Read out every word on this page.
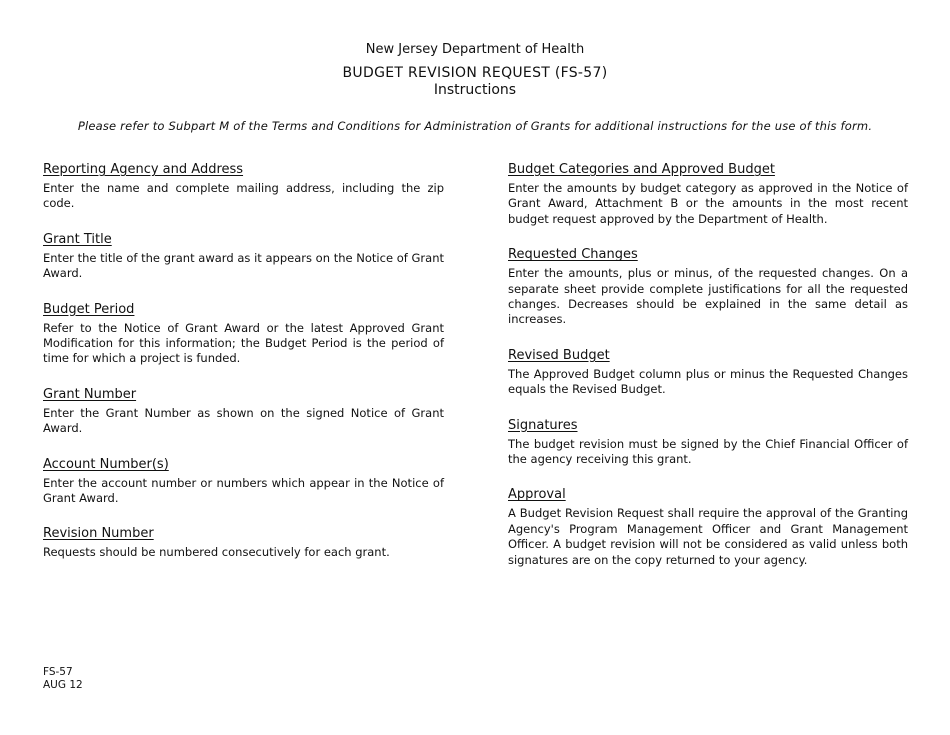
New Jersey Department of Health

BUDGET REVISION REQUEST (FS-57)

Instructions

Please refer to Subpart M of the Terms and Conditions for Administration of Grants for additional instructions for the use of this form.

Reporting Agency and Address

Enter the name and complete mailing address, including the zip code.

Grant Title

Enter the title of the grant award as it appears on the Notice of Grant Award.

Budget Period

Refer to the Notice of Grant Award or the latest Approved Grant Modification for this information; the Budget Period is the period of time for which a project is funded.

Grant Number

Enter the Grant Number as shown on the signed Notice of Grant Award.

Account Number(s)

Enter the account number or numbers which appear in the Notice of Grant Award.

Revision Number

Requests should be numbered consecutively for each grant.

Budget Categories and Approved Budget

Enter the amounts by budget category as approved in the Notice of Grant Award, Attachment B or the amounts in the most recent budget request approved by the Department of Health.

Requested Changes

Enter the amounts, plus or minus, of the requested changes. On a separate sheet provide complete justifications for all the requested changes. Decreases should be explained in the same detail as increases.

Revised Budget

The Approved Budget column plus or minus the Requested Changes equals the Revised Budget.

Signatures

The budget revision must be signed by the Chief Financial Officer of the agency receiving this grant.

Approval

A Budget Revision Request shall require the approval of the Granting Agency's Program Management Officer and Grant Management Officer. A budget revision will not be considered as valid unless both signatures are on the copy returned to your agency.

FS-57
AUG 12
